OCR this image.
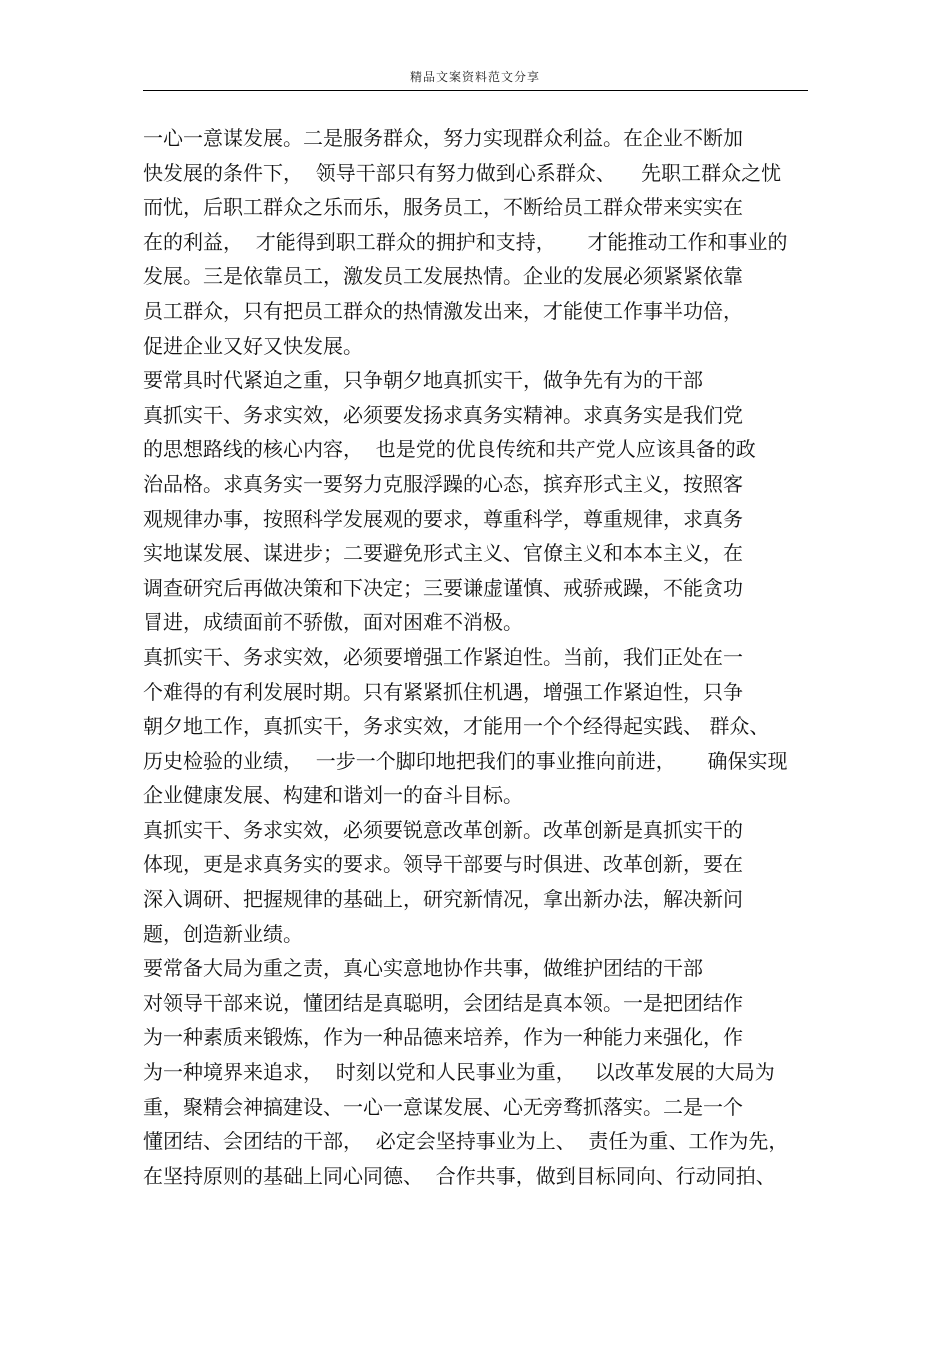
精品文案资料范文分享
一心一意谋发展。二是服务群众，努力实现群众利益。在企业不断加
快发展的条件下，  领导干部只有努力做到心系群众、    先职工群众之忧
而忧，后职工群众之乐而乐，服务员工，不断给员工群众带来实实在
在的利益，  才能得到职工群众的拥护和支持，     才能推动工作和事业的
发展。三是依靠员工，激发员工发展热情。企业的发展必须紧紧依靠
员工群众，只有把员工群众的热情激发出来，才能使工作事半功倍，
促进企业又好又快发展。
要常具时代紧迫之重，只争朝夕地真抓实干，做争先有为的干部
真抓实干、务求实效，必须要发扬求真务实精神。求真务实是我们党
的思想路线的核心内容，  也是党的优良传统和共产党人应该具备的政
治品格。求真务实一要努力克服浮躁的心态，摈弃形式主义，按照客
观规律办事，按照科学发展观的要求，尊重科学，尊重规律，求真务
实地谋发展、谋进步；二要避免形式主义、官僚主义和本本主义，在
调查研究后再做决策和下决定；三要谦虚谨慎、戒骄戒躁，不能贪功
冒进，成绩面前不骄傲，面对困难不消极。
真抓实干、务求实效，必须要增强工作紧迫性。当前，我们正处在一
个难得的有利发展时期。只有紧紧抓住机遇，增强工作紧迫性，只争
朝夕地工作，真抓实干，务求实效，才能用一个个经得起实践、 群众、
历史检验的业绩，  一步一个脚印地把我们的事业推向前进，     确保实现
企业健康发展、构建和谐刘一的奋斗目标。
真抓实干、务求实效，必须要锐意改革创新。改革创新是真抓实干的
体现，更是求真务实的要求。领导干部要与时俱进、改革创新，要在
深入调研、把握规律的基础上，研究新情况，拿出新办法，解决新问
题，创造新业绩。
要常备大局为重之责，真心实意地协作共事，做维护团结的干部
对领导干部来说，懂团结是真聪明，会团结是真本领。一是把团结作
为一种素质来锻炼，作为一种品德来培养，作为一种能力来强化，作
为一种境界来追求，  时刻以党和人民事业为重，   以改革发展的大局为
重，聚精会神搞建设、一心一意谋发展、心无旁骛抓落实。二是一个
懂团结、会团结的干部，  必定会坚持事业为上、  责任为重、工作为先，
在坚持原则的基础上同心同德、  合作共事，做到目标同向、行动同拍、
